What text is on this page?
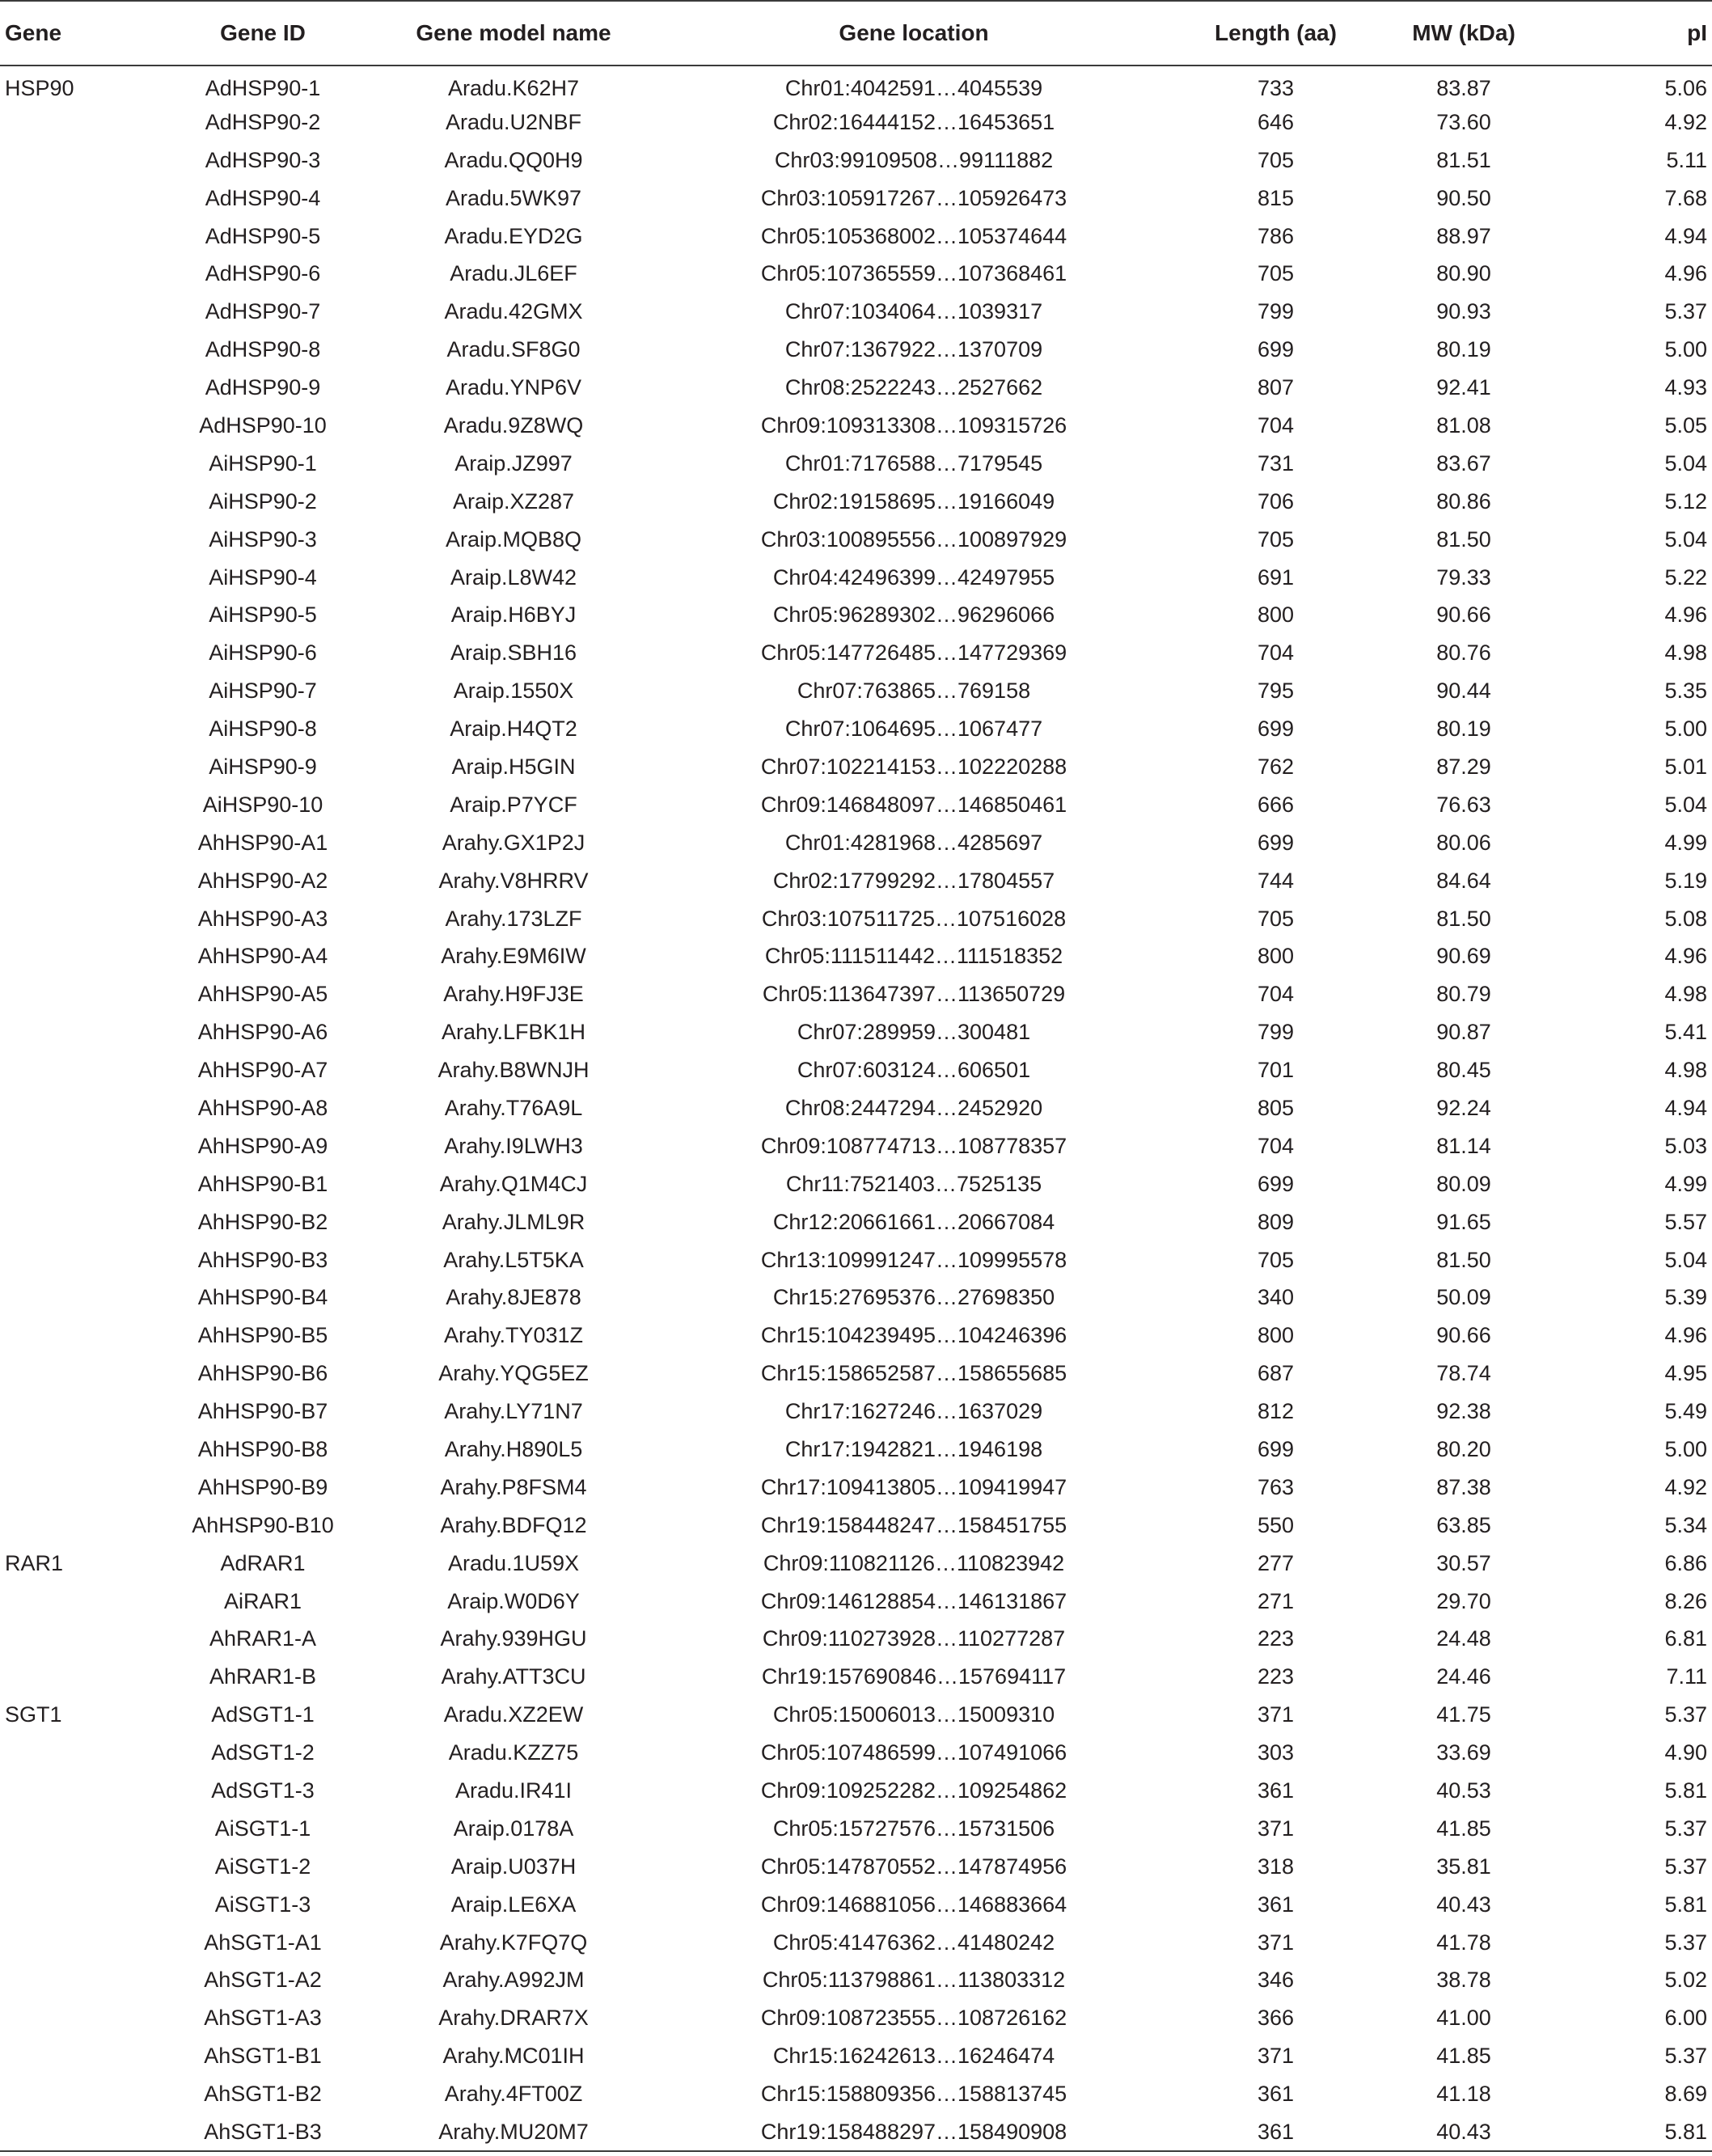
Gene	Gene ID	Gene model name	Gene location	Length (aa)	MW (kDa)	pI
HSP90	AdHSP90-1	Aradu.K62H7	Chr01:4042591…4045539	733	83.87	5.06
	AdHSP90-2	Aradu.U2NBF	Chr02:16444152…16453651	646	73.60	4.92
	AdHSP90-3	Aradu.QQ0H9	Chr03:99109508…99111882	705	81.51	5.11
	AdHSP90-4	Aradu.5WK97	Chr03:105917267…105926473	815	90.50	7.68
	AdHSP90-5	Aradu.EYD2G	Chr05:105368002…105374644	786	88.97	4.94
	AdHSP90-6	Aradu.JL6EF	Chr05:107365559…107368461	705	80.90	4.96
	AdHSP90-7	Aradu.42GMX	Chr07:1034064…1039317	799	90.93	5.37
	AdHSP90-8	Aradu.SF8G0	Chr07:1367922…1370709	699	80.19	5.00
	AdHSP90-9	Aradu.YNP6V	Chr08:2522243…2527662	807	92.41	4.93
	AdHSP90-10	Aradu.9Z8WQ	Chr09:109313308…109315726	704	81.08	5.05
	AiHSP90-1	Araip.JZ997	Chr01:7176588…7179545	731	83.67	5.04
	AiHSP90-2	Araip.XZ287	Chr02:19158695…19166049	706	80.86	5.12
	AiHSP90-3	Araip.MQB8Q	Chr03:100895556…100897929	705	81.50	5.04
	AiHSP90-4	Araip.L8W42	Chr04:42496399…42497955	691	79.33	5.22
	AiHSP90-5	Araip.H6BYJ	Chr05:96289302…96296066	800	90.66	4.96
	AiHSP90-6	Araip.SBH16	Chr05:147726485…147729369	704	80.76	4.98
	AiHSP90-7	Araip.1550X	Chr07:763865…769158	795	90.44	5.35
	AiHSP90-8	Araip.H4QT2	Chr07:1064695…1067477	699	80.19	5.00
	AiHSP90-9	Araip.H5GIN	Chr07:102214153…102220288	762	87.29	5.01
	AiHSP90-10	Araip.P7YCF	Chr09:146848097…146850461	666	76.63	5.04
	AhHSP90-A1	Arahy.GX1P2J	Chr01:4281968…4285697	699	80.06	4.99
	AhHSP90-A2	Arahy.V8HRRV	Chr02:17799292…17804557	744	84.64	5.19
	AhHSP90-A3	Arahy.173LZF	Chr03:107511725…107516028	705	81.50	5.08
	AhHSP90-A4	Arahy.E9M6IW	Chr05:111511442…111518352	800	90.69	4.96
	AhHSP90-A5	Arahy.H9FJ3E	Chr05:113647397…113650729	704	80.79	4.98
	AhHSP90-A6	Arahy.LFBK1H	Chr07:289959…300481	799	90.87	5.41
	AhHSP90-A7	Arahy.B8WNJH	Chr07:603124…606501	701	80.45	4.98
	AhHSP90-A8	Arahy.T76A9L	Chr08:2447294…2452920	805	92.24	4.94
	AhHSP90-A9	Arahy.I9LWH3	Chr09:108774713…108778357	704	81.14	5.03
	AhHSP90-B1	Arahy.Q1M4CJ	Chr11:7521403…7525135	699	80.09	4.99
	AhHSP90-B2	Arahy.JLML9R	Chr12:20661661…20667084	809	91.65	5.57
	AhHSP90-B3	Arahy.L5T5KA	Chr13:109991247…109995578	705	81.50	5.04
	AhHSP90-B4	Arahy.8JE878	Chr15:27695376…27698350	340	50.09	5.39
	AhHSP90-B5	Arahy.TY031Z	Chr15:104239495…104246396	800	90.66	4.96
	AhHSP90-B6	Arahy.YQG5EZ	Chr15:158652587…158655685	687	78.74	4.95
	AhHSP90-B7	Arahy.LY71N7	Chr17:1627246…1637029	812	92.38	5.49
	AhHSP90-B8	Arahy.H890L5	Chr17:1942821…1946198	699	80.20	5.00
	AhHSP90-B9	Arahy.P8FSM4	Chr17:109413805…109419947	763	87.38	4.92
	AhHSP90-B10	Arahy.BDFQ12	Chr19:158448247…158451755	550	63.85	5.34
RAR1	AdRAR1	Aradu.1U59X	Chr09:110821126…110823942	277	30.57	6.86
	AiRAR1	Araip.W0D6Y	Chr09:146128854…146131867	271	29.70	8.26
	AhRAR1-A	Arahy.939HGU	Chr09:110273928…110277287	223	24.48	6.81
	AhRAR1-B	Arahy.ATT3CU	Chr19:157690846…157694117	223	24.46	7.11
SGT1	AdSGT1-1	Aradu.XZ2EW	Chr05:15006013…15009310	371	41.75	5.37
	AdSGT1-2	Aradu.KZZ75	Chr05:107486599…107491066	303	33.69	4.90
	AdSGT1-3	Aradu.IR41I	Chr09:109252282…109254862	361	40.53	5.81
	AiSGT1-1	Araip.0178A	Chr05:15727576…15731506	371	41.85	5.37
	AiSGT1-2	Araip.U037H	Chr05:147870552…147874956	318	35.81	5.37
	AiSGT1-3	Araip.LE6XA	Chr09:146881056…146883664	361	40.43	5.81
	AhSGT1-A1	Arahy.K7FQ7Q	Chr05:41476362…41480242	371	41.78	5.37
	AhSGT1-A2	Arahy.A992JM	Chr05:113798861…113803312	346	38.78	5.02
	AhSGT1-A3	Arahy.DRAR7X	Chr09:108723555…108726162	366	41.00	6.00
	AhSGT1-B1	Arahy.MC01IH	Chr15:16242613…16246474	371	41.85	5.37
	AhSGT1-B2	Arahy.4FT00Z	Chr15:158809356…158813745	361	41.18	8.69
	AhSGT1-B3	Arahy.MU20M7	Chr19:158488297…158490908	361	40.43	5.81
